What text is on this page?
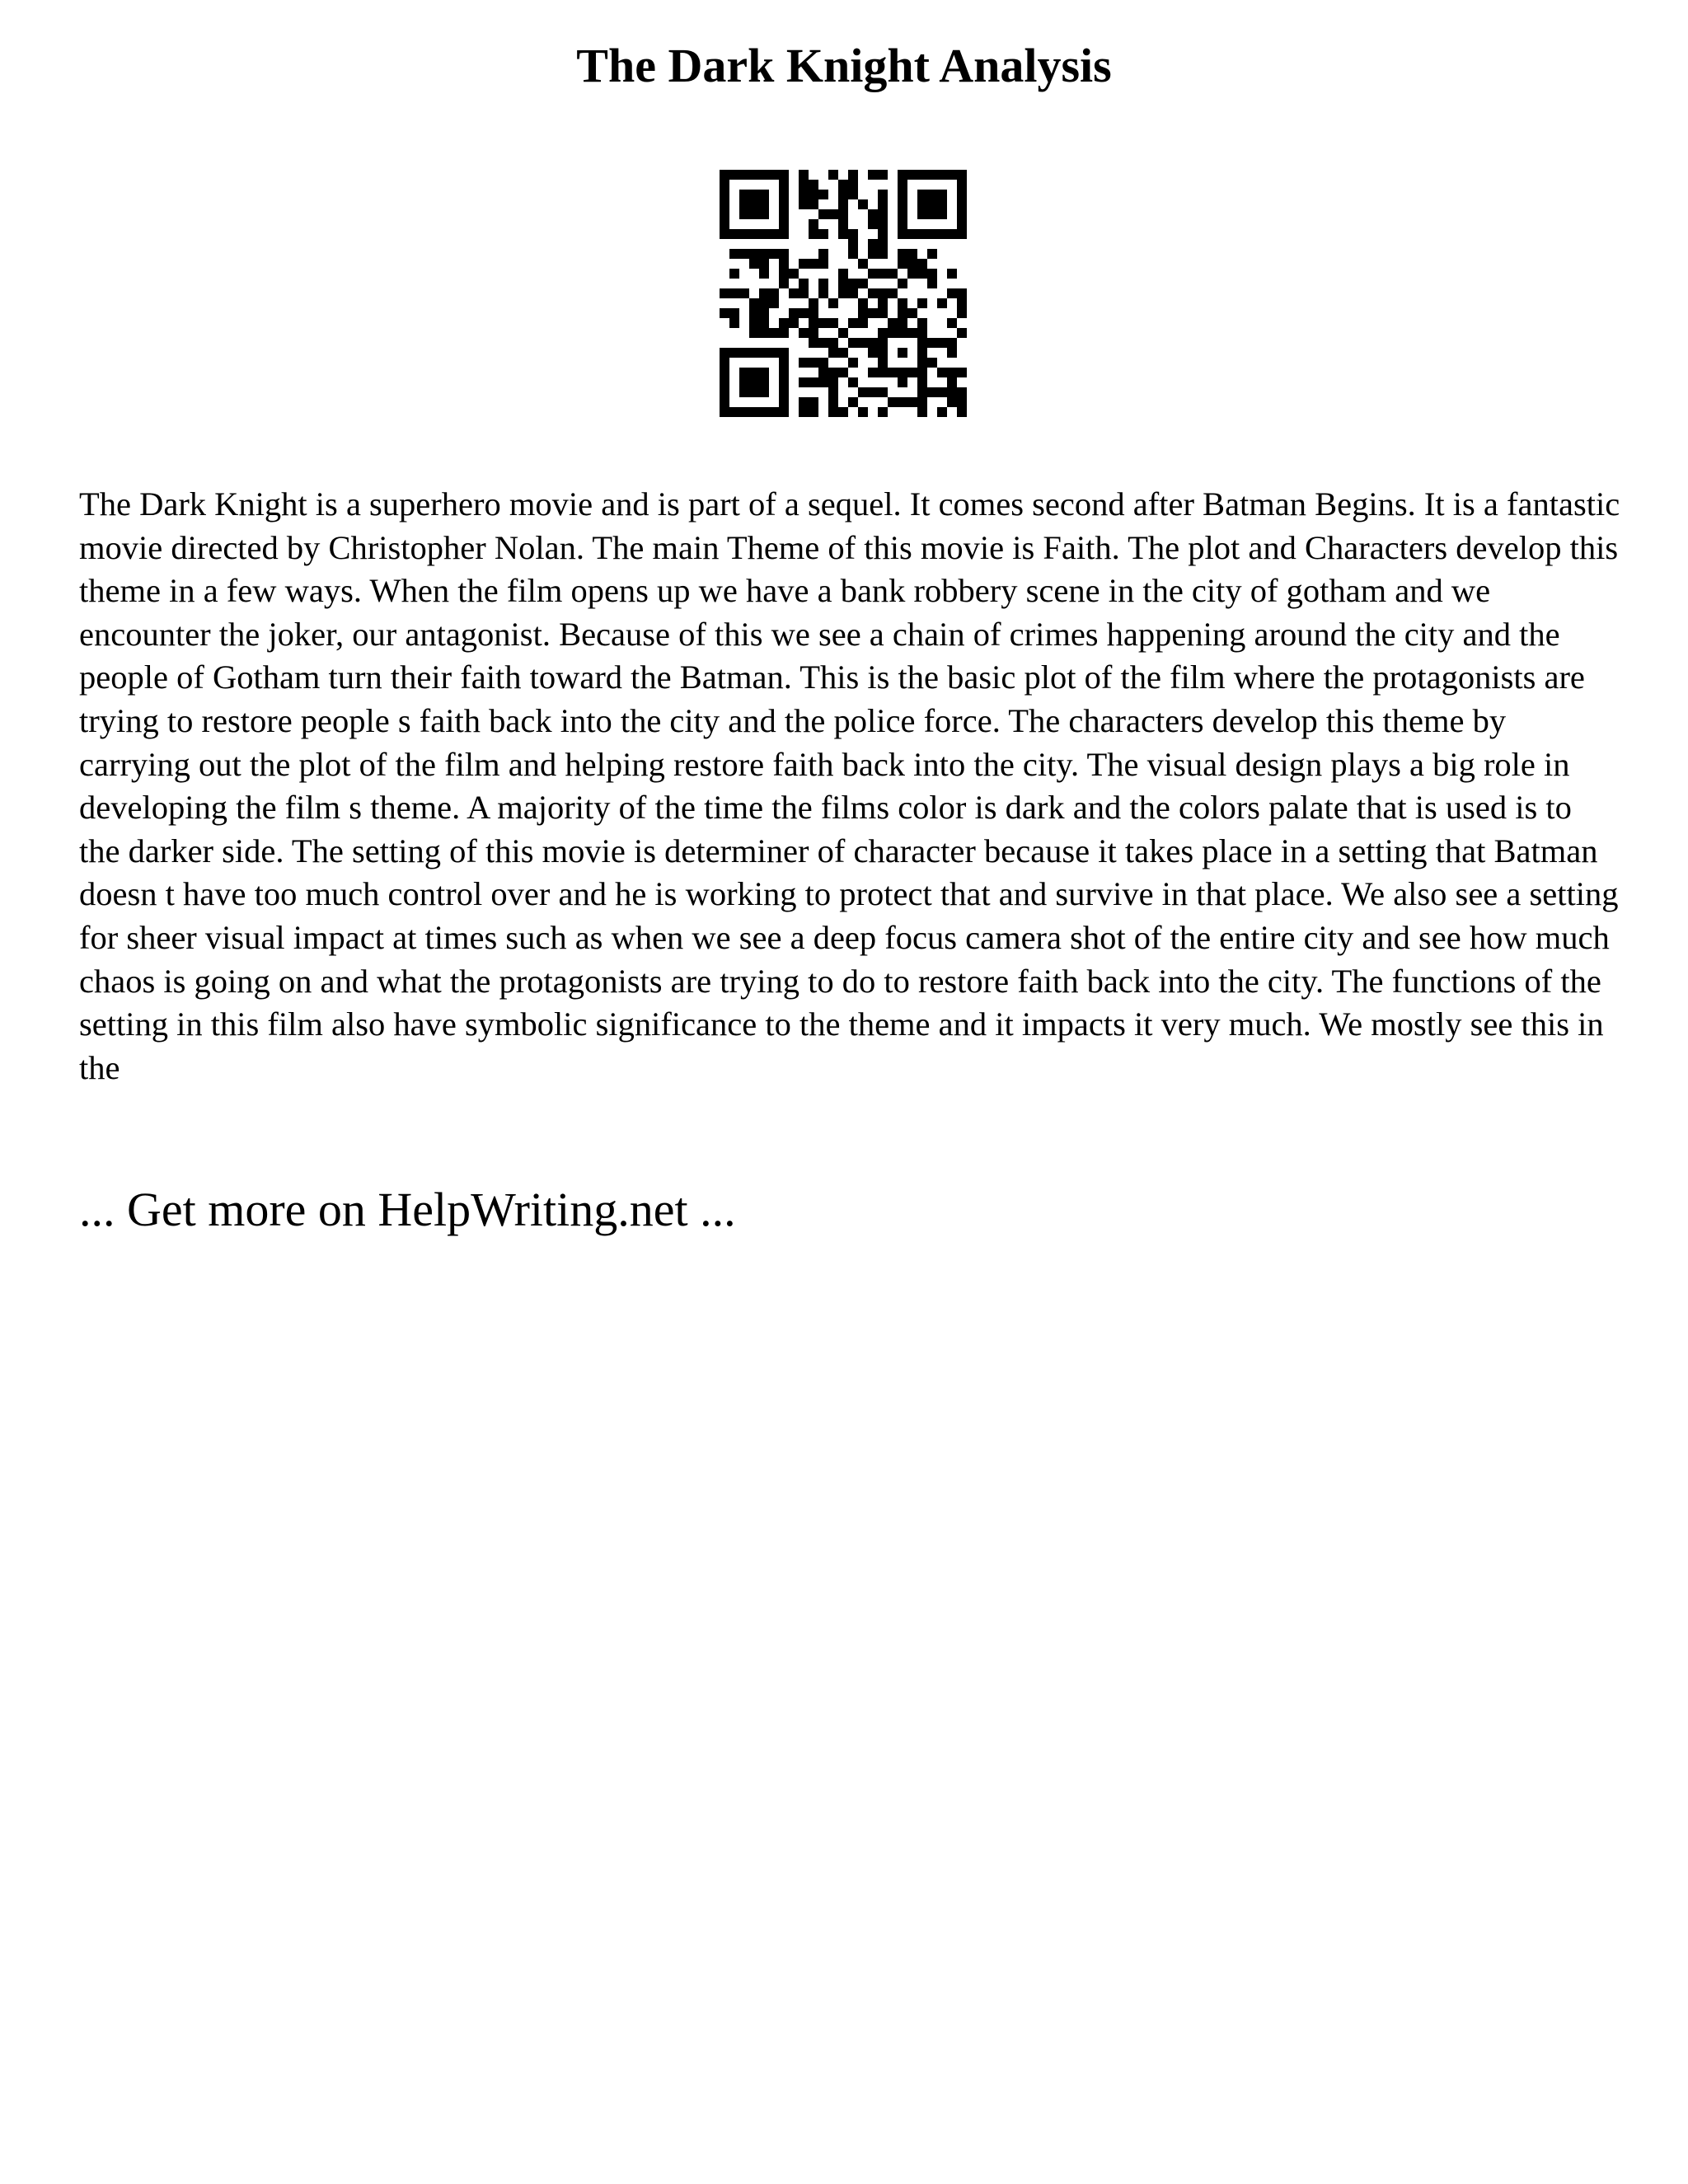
The Dark Knight Analysis

The Dark Knight is a superhero movie and is part of a sequel. It comes second after Batman Begins. It is a fantastic movie directed by Christopher Nolan. The main Theme of this movie is Faith. The plot and Characters develop this theme in a few ways. When the film opens up we have a bank robbery scene in the city of gotham and we encounter the joker, our antagonist. Because of this we see a chain of crimes happening around the city and the people of Gotham turn their faith toward the Batman. This is the basic plot of the film where the protagonists are trying to restore people s faith back into the city and the police force. The characters develop this theme by carrying out the plot of the film and helping restore faith back into the city. The visual design plays a big role in developing the film s theme. A majority of the time the films color is dark and the colors palate that is used is to the darker side. The setting of this movie is determiner of character because it takes place in a setting that Batman doesn t have too much control over and he is working to protect that and survive in that place. We also see a setting for sheer visual impact at times such as when we see a deep focus camera shot of the entire city and see how much chaos is going on and what the protagonists are trying to do to restore faith back into the city. The functions of the setting in this film also have symbolic significance to the theme and it impacts it very much. We mostly see this in the

... Get more on HelpWriting.net ...
